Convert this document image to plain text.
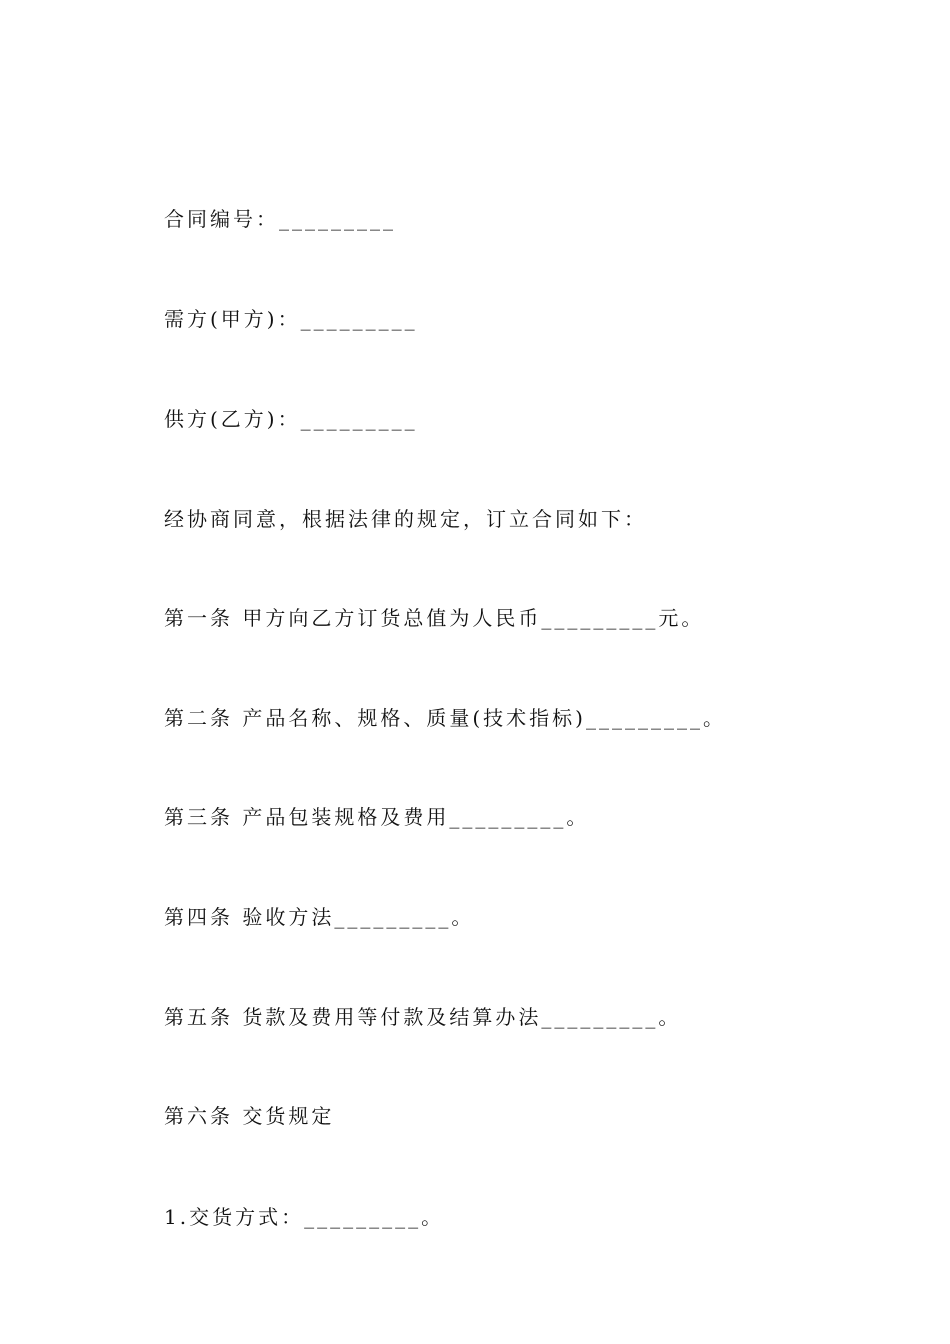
合同编号：_________
需方(甲方)：_________
供方(乙方)：_________
经协商同意，根据法律的规定，订立合同如下：
第一条 甲方向乙方订货总值为人民币_________元。
第二条 产品名称、规格、质量(技术指标)_________。
第三条 产品包装规格及费用_________。
第四条 验收方法_________。
第五条 货款及费用等付款及结算办法_________。
第六条 交货规定
1.交货方式：_________。
